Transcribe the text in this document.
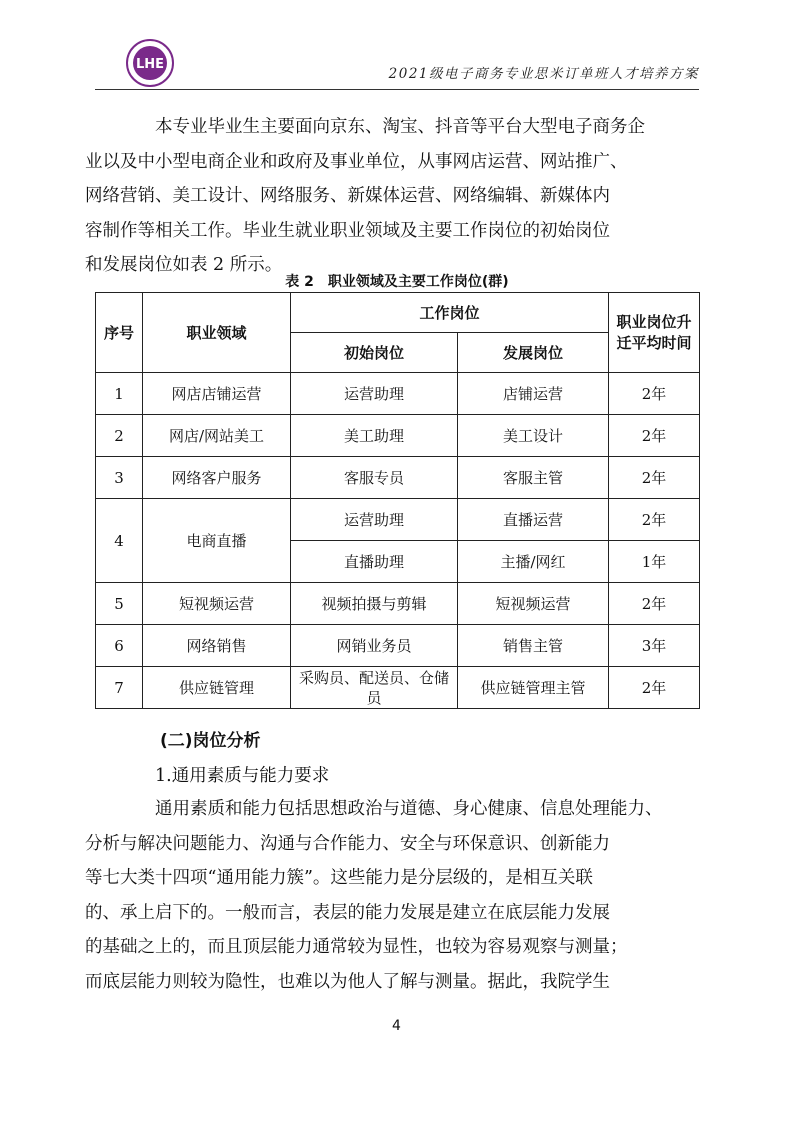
LHE
2021级电子商务专业思米订单班人才培养方案

本专业毕业生主要面向京东、淘宝、抖音等平台大型电子商务企
业以及中小型电商企业和政府及事业单位，从事网店运营、网站推广、
网络营销、美工设计、网络服务、新媒体运营、网络编辑、新媒体内
容制作等相关工作。毕业生就业职业领域及主要工作岗位的初始岗位
和发展岗位如表 2 所示。

表 2　职业领域及主要工作岗位(群)
序号	职业领域	工作岗位		职业岗位升迁平均时间
		初始岗位	发展岗位	
1	网店店铺运营	运营助理	店铺运营	2年
2	网店/网站美工	美工助理	美工设计	2年
3	网络客户服务	客服专员	客服主管	2年
4	电商直播	运营助理	直播运营	2年
		直播助理	主播/网红	1年
5	短视频运营	视频拍摄与剪辑	短视频运营	2年
6	网络销售	网销业务员	销售主管	3年
7	供应链管理	采购员、配送员、仓储员	供应链管理主管	2年
(二)岗位分析
1.通用素质与能力要求

通用素质和能力包括思想政治与道德、身心健康、信息处理能力、
分析与解决问题能力、沟通与合作能力、安全与环保意识、创新能力
等七大类十四项“通用能力簇”。这些能力是分层级的，是相互关联
的、承上启下的。一般而言，表层的能力发展是建立在底层能力发展
的基础之上的，而且顶层能力通常较为显性，也较为容易观察与测量；
而底层能力则较为隐性，也难以为他人了解与测量。据此，我院学生

4
